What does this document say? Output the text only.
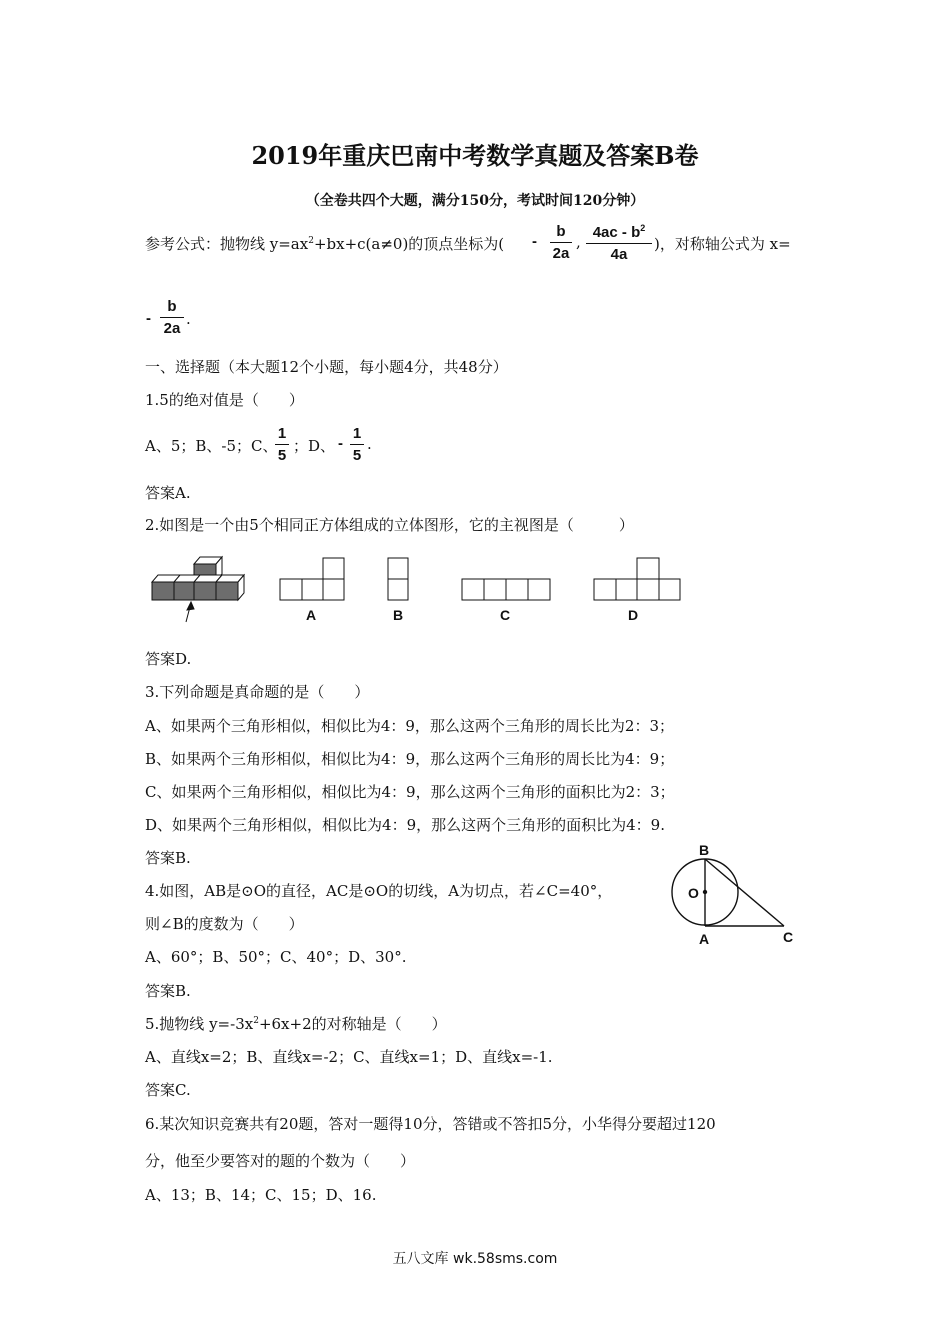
2019年重庆巴南中考数学真题及答案B卷
（全卷共四个大题，满分150分，考试时间120分钟）
参考公式：抛物线 $y=ax^2+bx+c(a\ne 0)$的顶点坐标为( - $\frac{b}{2a}$ , $\frac{4ac - b^2}{4a}$ )，对称轴公式为 x=
- $\frac{b}{2a}$ .
一、选择题（本大题12个小题，每小题4分，共48分）
1.5的绝对值是（　　）
A、5；B、-5；C、
$\frac{1}{5}$ ；D、 - $\frac{1}{5}$ .
答案A.
2.如图是一个由5个相同正方体组成的立体图形，它的主视图是（　　　）
A	B	C	D
答案D.
3.下列命题是真命题的是（　　）
A、如果两个三角形相似，相似比为4：9，那么这两个三角形的周长比为2：3；
B、如果两个三角形相似，相似比为4：9，那么这两个三角形的周长比为4：9；
C、如果两个三角形相似，相似比为4：9，那么这两个三角形的面积比为2：3；
D、如果两个三角形相似，相似比为4：9，那么这两个三角形的面积比为4：9.
答案B.
4.如图，AB是⊙O的直径，AC是⊙O的切线，A为切点，若∠C=40°，
则∠B的度数为（　　）
A、60°；B、50°；C、40°；D、30°.
答案B.
B
O
A	C
5.抛物线 $y=-3x^2+6x+2$的对称轴是（　　）
A、直线x=2；B、直线x=-2；C、直线x=1；D、直线x=-1.
答案C.
6.某次知识竞赛共有20题，答对一题得10分，答错或不答扣5分，小华得分要超过120
分，他至少要答对的题的个数为（　　）
A、13；B、14；C、15；D、16.
五八文库 wk.58sms.com
